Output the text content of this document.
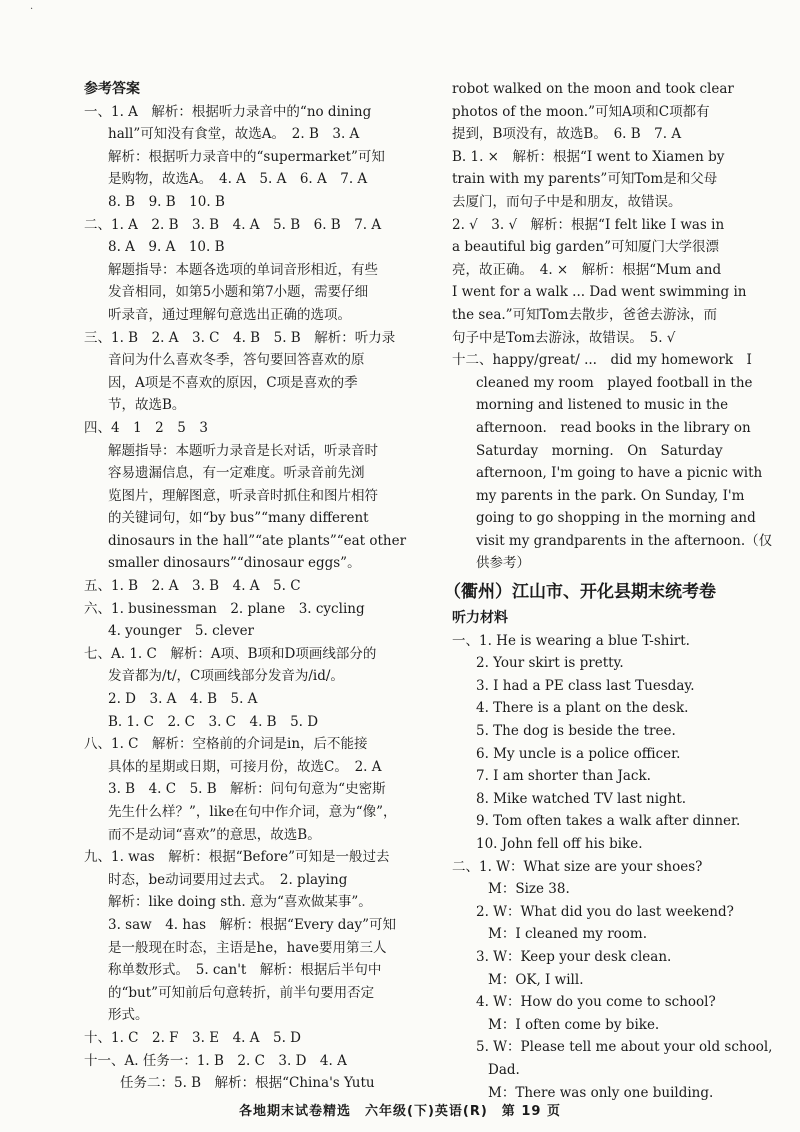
·
参考答案
一、1. A　解析：根据听力录音中的“no dining
hall”可知没有食堂，故选A。　2. B　3. A
解析：根据听力录音中的“supermarket”可知
是购物，故选A。　4. A　5. A　6. A　7. A
8. B　9. B　10. B
二、1. A　2. B　3. B　4. A　5. B　6. B　7. A
8. A　9. A　10. B
解题指导：本题各选项的单词音形相近，有些
发音相同，如第5小题和第7小题，需要仔细
听录音，通过理解句意选出正确的选项。
三、1. B　2. A　3. C　4. B　5. B　解析：听力录
音问为什么喜欢冬季，答句要回答喜欢的原
因，A项是不喜欢的原因，C项是喜欢的季
节，故选B。
四、4　1　2　5　3
解题指导：本题听力录音是长对话，听录音时
容易遗漏信息，有一定难度。听录音前先浏
览图片，理解图意，听录音时抓住和图片相符
的关键词句，如“by bus”“many different
dinosaurs in the hall”“ate plants”“eat other
smaller dinosaurs”“dinosaur eggs”。
五、1. B　2. A　3. B　4. A　5. C
六、1. businessman　2. plane　3. cycling
4. younger　5. clever
七、A. 1. C　解析：A项、B项和D项画线部分的
发音都为/t/，C项画线部分发音为/id/。
2. D　3. A　4. B　5. A
B. 1. C　2. C　3. C　4. B　5. D
八、1. C　解析：空格前的介词是in，后不能接
具体的星期或日期，可接月份，故选C。　2. A
3. B　4. C　5. B　解析：问句句意为“史密斯
先生什么样？”，like在句中作介词，意为“像”，
而不是动词“喜欢”的意思，故选B。
九、1. was　解析：根据“Before”可知是一般过去
时态，be动词要用过去式。　2. playing
解析：like doing sth. 意为“喜欢做某事”。
3. saw　4. has　解析：根据“Every day”可知
是一般现在时态，主语是he，have要用第三人
称单数形式。　5. can't　解析：根据后半句中
的“but”可知前后句意转折，前半句要用否定
形式。
十、1. C　2. F　3. E　4. A　5. D
十一、A. 任务一：1. B　2. C　3. D　4. A
任务二：5. B　解析：根据“China's Yutu
robot walked on the moon and took clear
photos of the moon.”可知A项和C项都有
提到，B项没有，故选B。　6. B　7. A
B. 1. ×　解析：根据“I went to Xiamen by
train with my parents”可知Tom是和父母
去厦门，而句子中是和朋友，故错误。
2. √　3. √　解析：根据“I felt like I was in
a beautiful big garden”可知厦门大学很漂
亮，故正确。　4. ×　解析：根据“Mum and
I went for a walk ... Dad went swimming in
the sea.”可知Tom去散步，爸爸去游泳，而
句子中是Tom去游泳，故错误。　5. √
十二、happy/great/ ...　did my homework　I
cleaned my room　played football in the
morning and listened to music in the
afternoon.　read books in the library on
Saturday　morning.　On　Saturday
afternoon, I'm going to have a picnic with
my parents in the park. On Sunday, I'm
going to go shopping in the morning and
visit my grandparents in the afternoon.（仅
供参考）
（衢州）江山市、开化县期末统考卷
听力材料
一、1. He is wearing a blue T-shirt.
2. Your skirt is pretty.
3. I had a PE class last Tuesday.
4. There is a plant on the desk.
5. The dog is beside the tree.
6. My uncle is a police officer.
7. I am shorter than Jack.
8. Mike watched TV last night.
9. Tom often takes a walk after dinner.
10. John fell off his bike.
二、1. W：What size are your shoes?
M：Size 38.
2. W：What did you do last weekend?
M：I cleaned my room.
3. W：Keep your desk clean.
M：OK, I will.
4. W：How do you come to school?
M：I often come by bike.
5. W：Please tell me about your old school,
Dad.
M：There was only one building.
各地期末试卷精选　六年级(下)英语(R)　第 19 页
